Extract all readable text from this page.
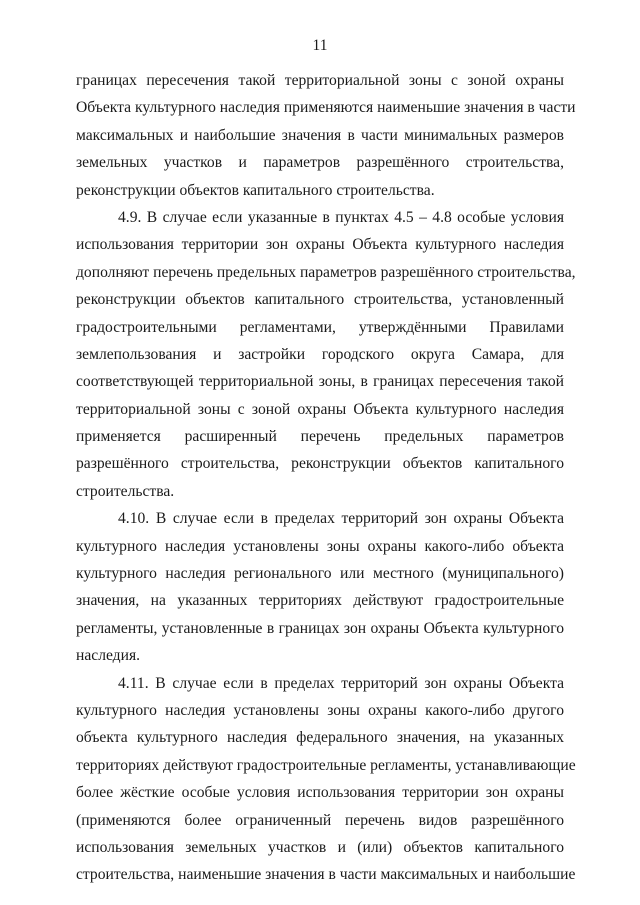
11
границах пересечения такой территориальной зоны с зоной охраны
Объекта культурного наследия применяются наименьшие значения в части
максимальных и наибольшие значения в части минимальных размеров
земельных участков и параметров разрешённого строительства,
реконструкции объектов капитального строительства.
4.9. В случае если указанные в пунктах 4.5 – 4.8 особые условия
использования территории зон охраны Объекта культурного наследия
дополняют перечень предельных параметров разрешённого строительства,
реконструкции объектов капитального строительства, установленный
градостроительными регламентами, утверждёнными Правилами
землепользования и застройки городского округа Самара, для
соответствующей территориальной зоны, в границах пересечения такой
территориальной зоны с зоной охраны Объекта культурного наследия
применяется расширенный перечень предельных параметров
разрешённого строительства, реконструкции объектов капитального
строительства.
4.10. В случае если в пределах территорий зон охраны Объекта
культурного наследия установлены зоны охраны какого-либо объекта
культурного наследия регионального или местного (муниципального)
значения, на указанных территориях действуют градостроительные
регламенты, установленные в границах зон охраны Объекта культурного
наследия.
4.11. В случае если в пределах территорий зон охраны Объекта
культурного наследия установлены зоны охраны какого-либо другого
объекта культурного наследия федерального значения, на указанных
территориях действуют градостроительные регламенты, устанавливающие
более жёсткие особые условия использования территории зон охраны
(применяются более ограниченный перечень видов разрешённого
использования земельных участков и (или) объектов капитального
строительства, наименьшие значения в части максимальных и наибольшие
